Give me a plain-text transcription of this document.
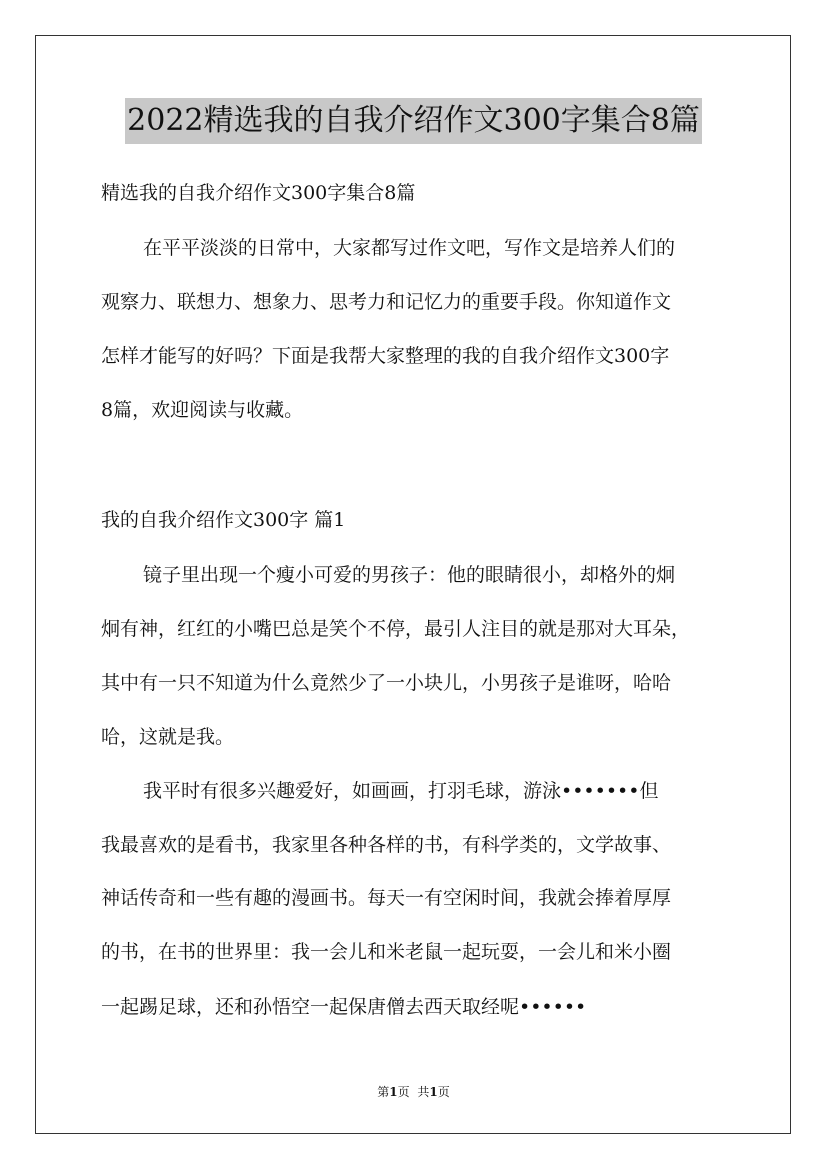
2022精选我的自我介绍作文300字集合8篇
精选我的自我介绍作文300字集合8篇
在平平淡淡的日常中，大家都写过作文吧，写作文是培养人们的
观察力、联想力、想象力、思考力和记忆力的重要手段。你知道作文
怎样才能写的好吗？下面是我帮大家整理的我的自我介绍作文300字
8篇，欢迎阅读与收藏。
我的自我介绍作文300字 篇1
镜子里出现一个瘦小可爱的男孩子：他的眼睛很小，却格外的炯
炯有神，红红的小嘴巴总是笑个不停，最引人注目的就是那对大耳朵，
其中有一只不知道为什么竟然少了一小块儿，小男孩子是谁呀，哈哈
哈，这就是我。
我平时有很多兴趣爱好，如画画，打羽毛球，游泳•••••••但
我最喜欢的是看书，我家里各种各样的书，有科学类的，文学故事、
神话传奇和一些有趣的漫画书。每天一有空闲时间，我就会捧着厚厚
的书，在书的世界里：我一会儿和米老鼠一起玩耍，一会儿和米小圈
一起踢足球，还和孙悟空一起保唐僧去西天取经呢••••••
第1页 共1页
